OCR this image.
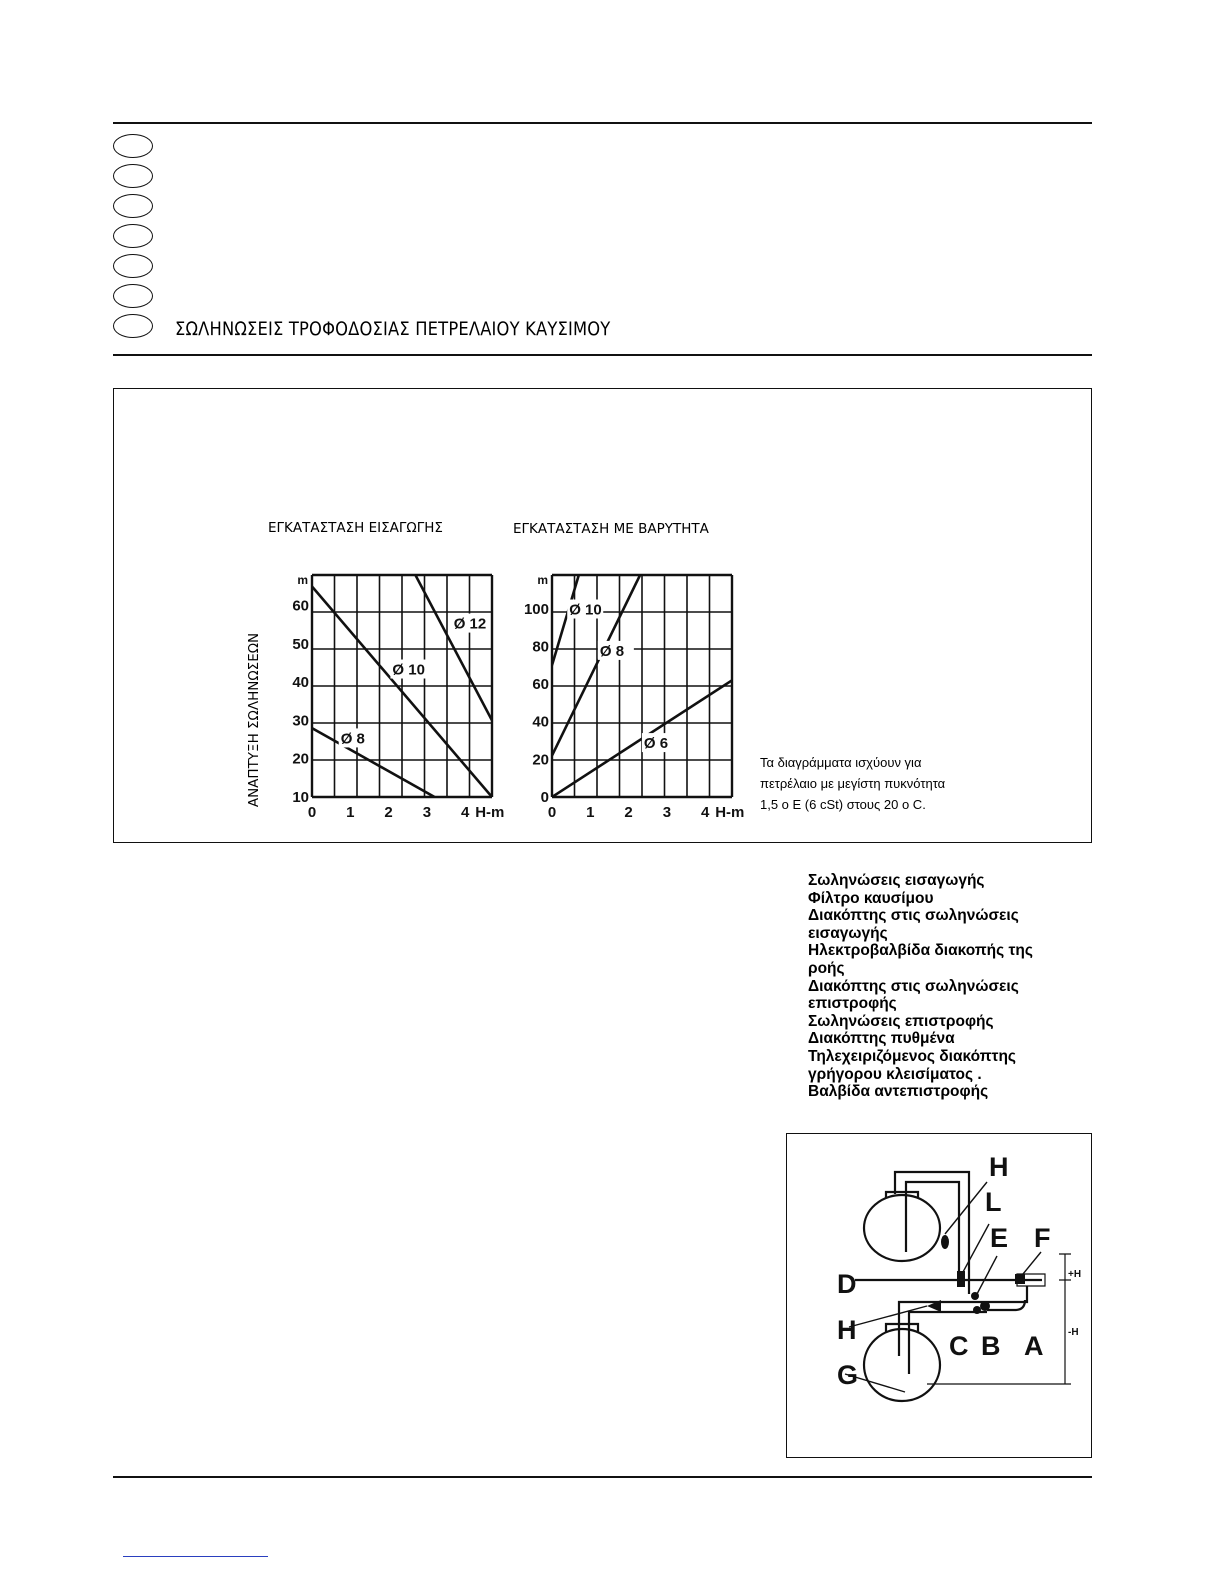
ΣΩΛΗΝΩΣΕΙΣ ΤΡΟΦΟΔΟΣΙΑΣ ΠΕΤΡΕΛΑΙΟΥ ΚΑΥΣΙΜΟΥ
ΕΓΚΑΤΑΣΤΑΣΗ ΕΙΣΑΓΩΓΗΣ	ΕΓΚΑΤΑΣΤΑΣΗ ΜΕ ΒΑΡΥΤΗΤΑ
ΑΝΑΠΤΥΞΗ ΣΩΛΗΝΩΣΕΩΝ	Ø 8
Ø 10
Ø 12
10
20
30
40
50
60
m
0 1 2 3 4 H-m
Ø 10
Ø 8
Ø 6
0
20
40
60
80
100
m
0 1 2 3 4 H-m
Τα διαγράμματα ισχύουν για
πετρέλαιο με μεγίστη πυκνότητα
1,5 ο E (6 cSt) στους 20 ο C.
Σωληνώσεις εισαγωγής
Φίλτρο καυσίμου
Διακόπτης στις σωληνώσεις
εισαγωγής
Ηλεκτροβαλβίδα διακοπής της
ροής
Διακόπτης στις σωληνώσεις
επιστροφής
Σωληνώσεις επιστροφής
Διακόπτης πυθμένα
Τηλεχειριζόμενος διακόπτης
γρήγορου κλεισίματος .
Βαλβίδα αντεπιστροφής
H
L
E F
D
H
C B A
G
+H
-H
